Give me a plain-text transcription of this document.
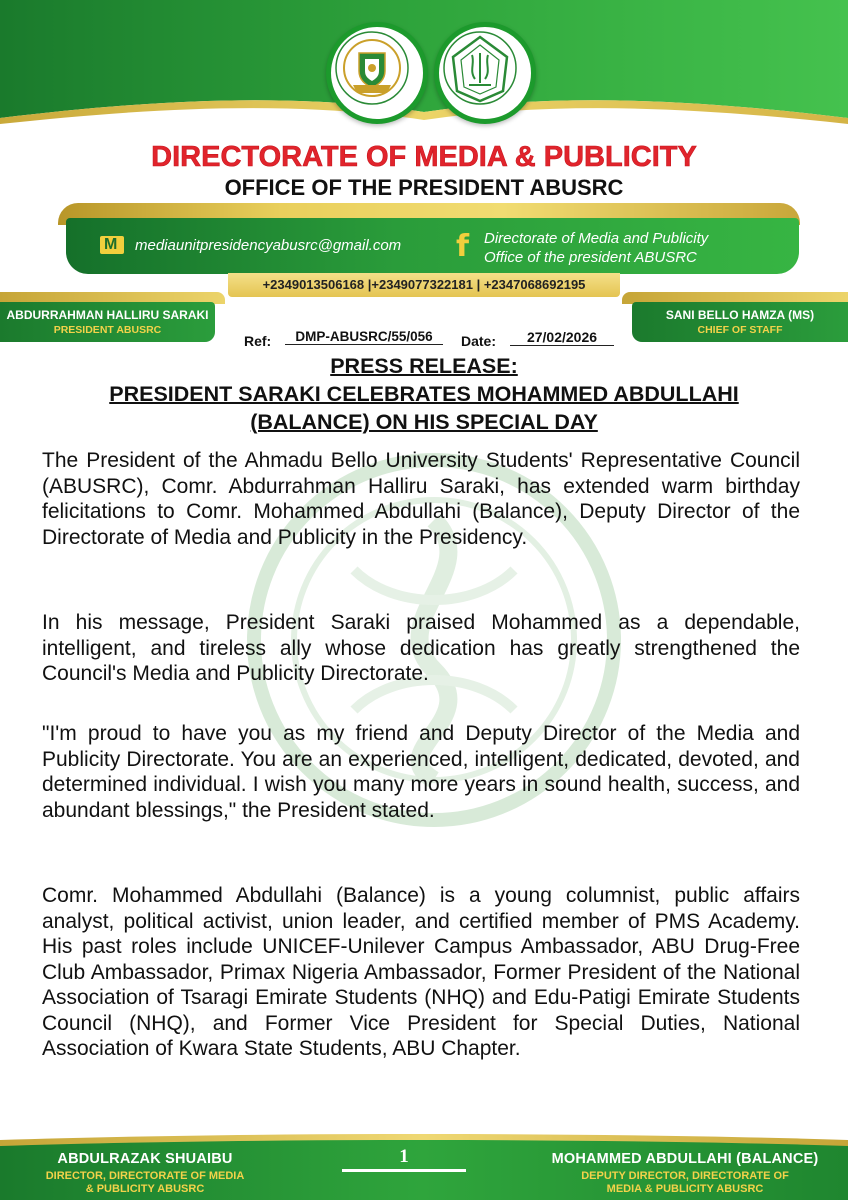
DIRECTORATE OF MEDIA & PUBLICITY
OFFICE OF THE PRESIDENT ABUSRC
M
mediaunitpresidencyabusrc@gmail.com f Directorate of Media and Publicity
Office of the president ABUSRC
+2349013506168 |+2349077322181 | +2347068692195
ABDURRAHMAN HALLIRU SARAKI
PRESIDENT ABUSRC
SANI BELLO HAMZA (MS)
CHIEF OF STAFF
Ref:	DMP-ABUSRC/55/056	Date:	27/02/2026
PRESS RELEASE:
PRESIDENT SARAKI CELEBRATES MOHAMMED ABDULLAHI
(BALANCE) ON HIS SPECIAL DAY
The President of the Ahmadu Bello University Students' Representative Council (ABUSRC), Comr. Abdurrahman Halliru Saraki, has extended warm birthday felicitations to Comr. Mohammed Abdullahi (Balance), Deputy Director of the Directorate of Media and Publicity in the Presidency.
In his message, President Saraki praised Mohammed as a dependable, intelligent, and tireless ally whose dedication has greatly strengthened the Council's Media and Publicity Directorate.
"I'm proud to have you as my friend and Deputy Director of the Media and Publicity Directorate. You are an experienced, intelligent, dedicated, devoted, and determined individual. I wish you many more years in sound health, success, and abundant blessings," the President stated.
Comr. Mohammed Abdullahi (Balance) is a young columnist, public affairs analyst, political activist, union leader, and certified member of PMS Academy. His past roles include UNICEF-Unilever Campus Ambassador, ABU Drug-Free Club Ambassador, Primax Nigeria Ambassador, Former President of the National Association of Tsaragi Emirate Students (NHQ) and Edu-Patigi Emirate Students Council (NHQ), and Former Vice President for Special Duties, National Association of Kwara State Students, ABU Chapter.
ABDULRAZAK SHUAIBU
DIRECTOR, DIRECTORATE OF MEDIA
& PUBLICITY ABUSRC
1	MOHAMMED ABDULLAHI (BALANCE)
DEPUTY DIRECTOR, DIRECTORATE OF
MEDIA & PUBLICITY ABUSRC
